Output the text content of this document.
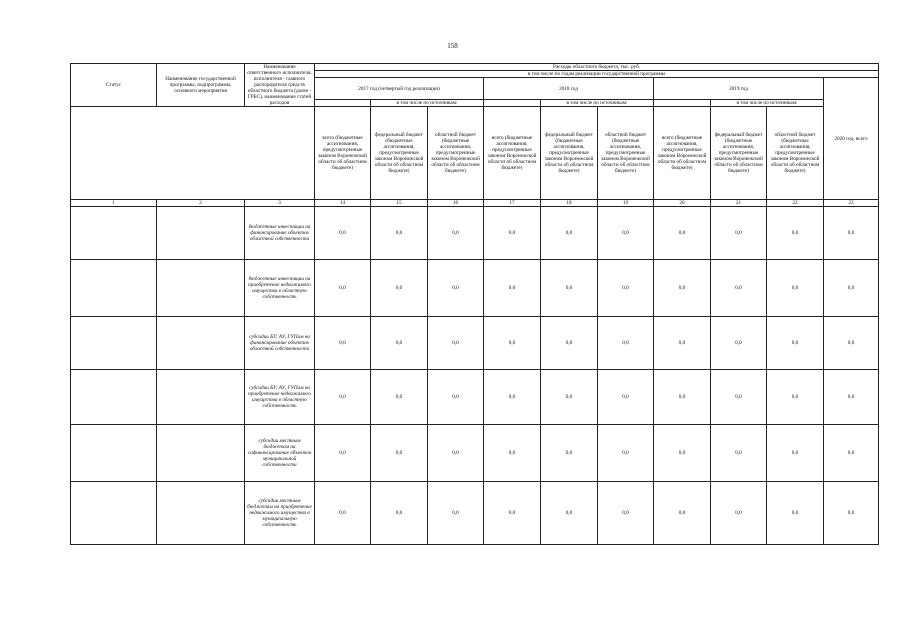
158
Статус	Наименование государственной программы, подпрограммы, основного мероприятия	Наименование ответственного исполнителя, исполнителя - главного распорядителя средств областного бюджета (далее - ГРБС), наименование статей расходов	Расходы областного бюджета, тыс. руб.									
			в том числе по годам реализации государственной программы									
			2017 год (четвертый год реализации)			2018 год			2019 год			2020 год, всего
				в том числе по источникам:			в том числе по источникам:			в том числе по источникам:		
			всего (бюджетные ассигнования, предусмотренные законом Воронежской области об областном бюджете)	федеральный бюджет (бюджетные ассигнования, предусмотренные законом Воронежской области об областном бюджете)	областной бюджет (бюджетные ассигнования, предусмотренные законом Воронежской области об областном бюджете)	всего (бюджетные ассигнования, предусмотренные законом Воронежской области об областном бюджете)	федеральный бюджет (бюджетные ассигнования, предусмотренные законом Воронежской области об областном бюджете)	областной бюджет (бюджетные ассигнования, предусмотренные законом Воронежской области об областном бюджете)	всего (бюджетные ассигнования, предусмотренные законом Воронежской области об областном бюджете)	федеральный бюджет (бюджетные ассигнования, предусмотренные законом Воронежской области об областном бюджете)	областной бюджет (бюджетные ассигнования, предусмотренные законом Воронежской области об областном бюджете)	
1	2	3	14	15	16	17	18	19	20	21	22	23
		бюджетные инвестиции на финансирование объектов областной собственности	0,0	0,0	0,0	0,0	0,0	0,0	0,0	0,0	0,0	0,0
		бюджетные инвестиции на приобретение недвижимого имущества в областную собственность	0,0	0,0	0,0	0,0	0,0	0,0	0,0	0,0	0,0	0,0
		субсидии БУ, АУ, ГУПам на финансирование объектов областной собственности	0,0	0,0	0,0	0,0	0,0	0,0	0,0	0,0	0,0	0,0
		субсидии БУ, АУ, ГУПам на приобретение недвижимого имущества в областную собственность	0,0	0,0	0,0	0,0	0,0	0,0	0,0	0,0	0,0	0,0
		субсидии местным бюджетам на софинансирование объектов муниципальной собственности	0,0	0,0	0,0	0,0	0,0	0,0	0,0	0,0	0,0	0,0
		субсидии местным бюджетам на приобретение недвижимого имущества в муниципальную собственность	0,0	0,0	0,0	0,0	0,0	0,0	0,0	0,0	0,0	0,0
